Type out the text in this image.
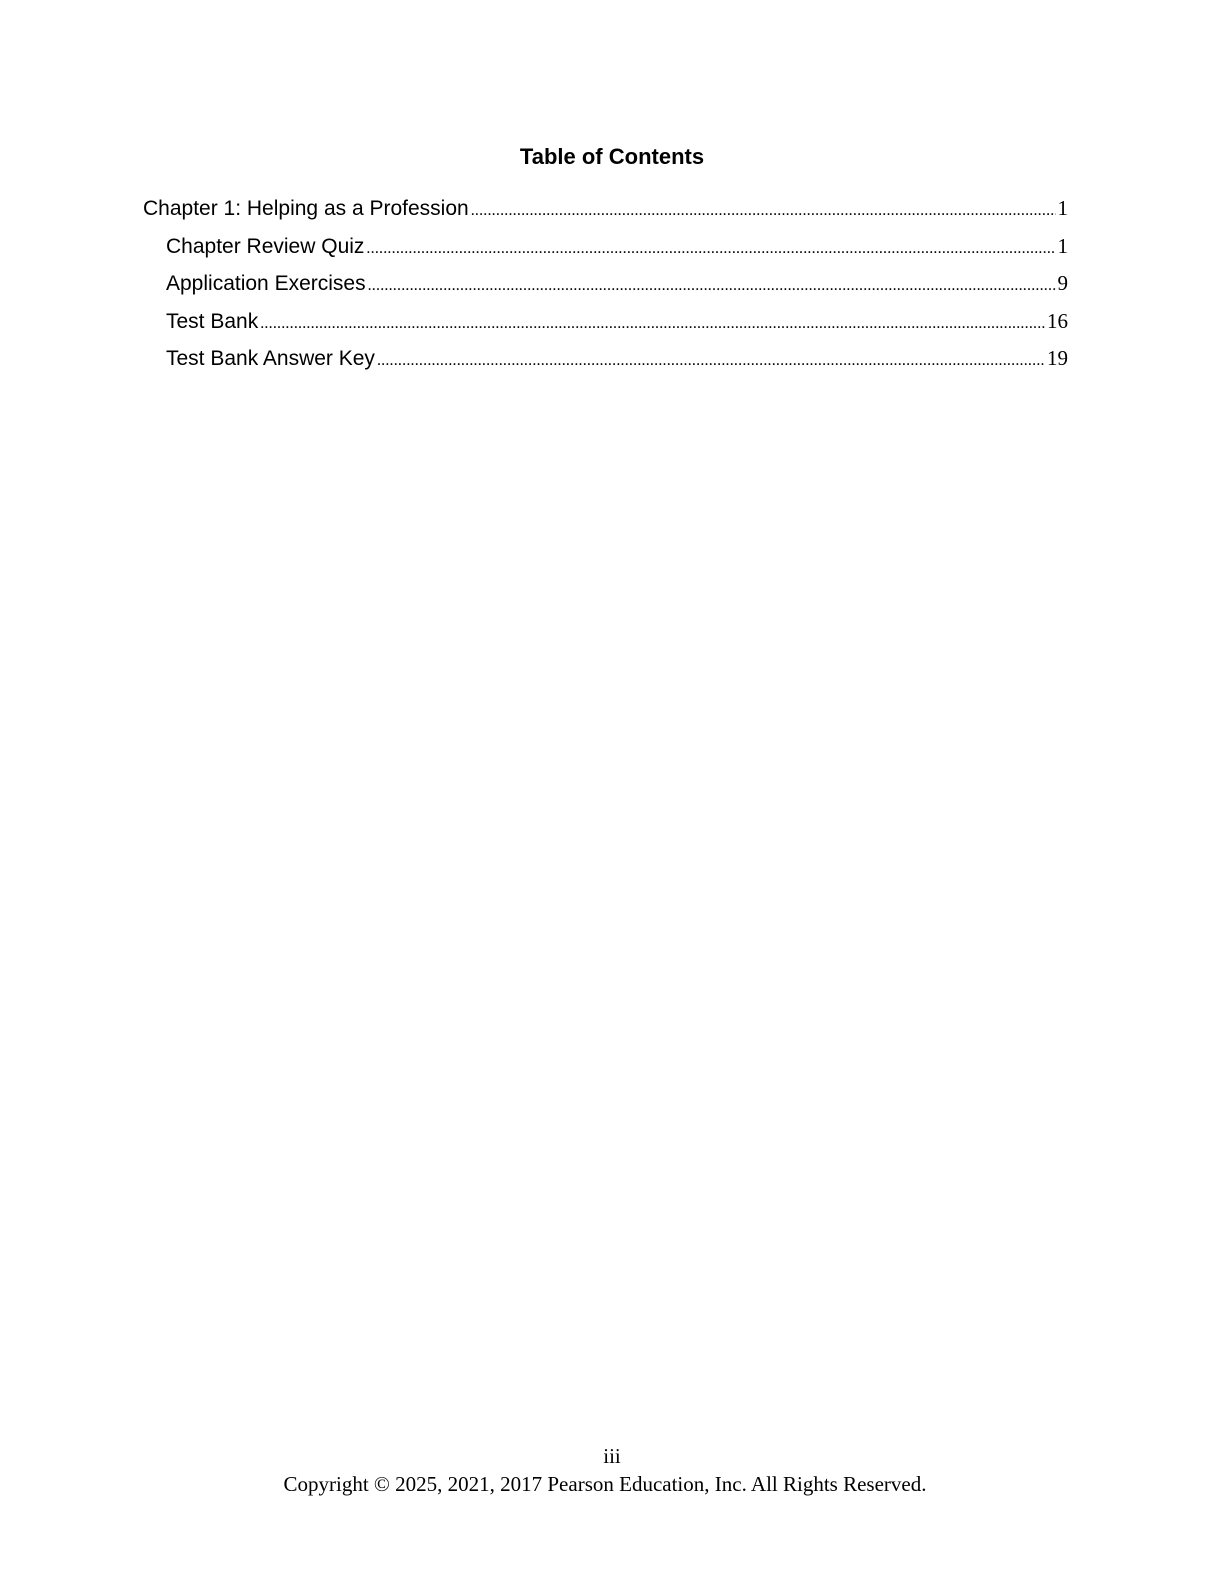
Table of Contents
Chapter 1: Helping as a Profession .....	1
Chapter Review Quiz .....	1
Application Exercises .....	9
Test Bank .....	16
Test Bank Answer Key .....	19
iii
Copyright © 2025, 2021, 2017 Pearson Education, Inc. All Rights Reserved.
